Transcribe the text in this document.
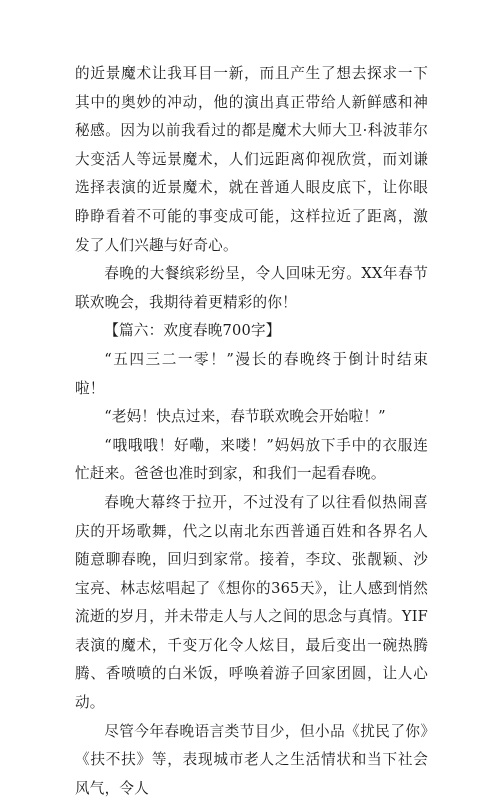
的近景魔术让我耳目一新，而且产生了想去探求一下其中的奥妙的冲动，他的演出真正带给人新鲜感和神秘感。因为以前我看过的都是魔术大师大卫·科波菲尔大变活人等远景魔术，人们远距离仰视欣赏，而刘谦选择表演的近景魔术，就在普通人眼皮底下，让你眼睁睁看着不可能的事变成可能，这样拉近了距离，激发了人们兴趣与好奇心。

春晚的大餐缤彩纷呈，令人回味无穷。XX年春节联欢晚会，我期待着更精彩的你！

【篇六：欢度春晚700字】

“五四三二一零！”漫长的春晚终于倒计时结束啦！

“老妈！快点过来，春节联欢晚会开始啦！”

“哦哦哦！好嘞，来喽！”妈妈放下手中的衣服连忙赶来。爸爸也准时到家，和我们一起看春晚。

春晚大幕终于拉开，不过没有了以往看似热闹喜庆的开场歌舞，代之以南北东西普通百姓和各界名人随意聊春晚，回归到家常。接着，李玟、张靓颖、沙宝亮、林志炫唱起了《想你的365天》，让人感到悄然流逝的岁月，并未带走人与人之间的思念与真情。YIF表演的魔术，千变万化令人炫目，最后变出一碗热腾腾、香喷喷的白米饭，呼唤着游子回家团圆，让人心动。

尽管今年春晚语言类节目少，但小品《扰民了你》《扶不扶》等，表现城市老人之生活情状和当下社会风气，令人
